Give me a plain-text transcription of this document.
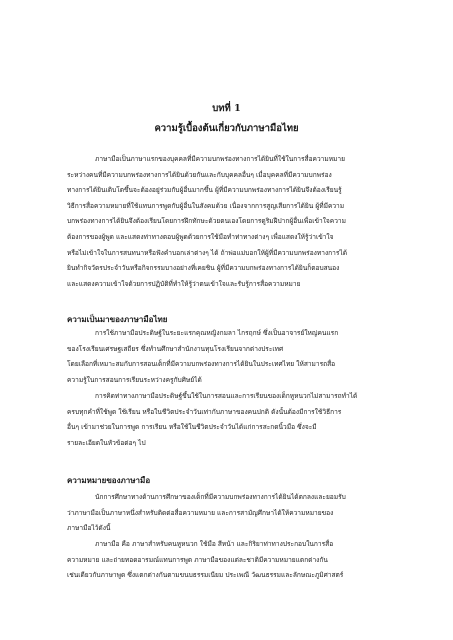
บทที่ 1
ความรู้เบื้องต้นเกี่ยวกับภาษามือไทย
ภาษามือเป็นภาษาแรกของบุคคลที่มีความบกพร่องทางการได้ยินที่ใช้ในการสื่อความหมาย
ระหว่างคนที่มีความบกพร่องทางการได้ยินด้วยกันและกับบุคคลอื่นๆ เมื่อบุคคลที่มีความบกพร่อง
ทางการได้ยินเติบโตขึ้นจะต้องอยู่ร่วมกับผู้อื่นมากขึ้น ผู้ที่มีความบกพร่องทางการได้ยินจึงต้องเรียนรู้
วิธีการสื่อความหมายที่ใช้แทนการพูดกับผู้อื่นในสังคมด้วย เนื่องจากการสูญเสียการได้ยิน ผู้ที่มีความ
บกพร่องทางการได้ยินจึงต้องเรียนโดยการฝึกทักษะด้วยตนเองโดยการดูริมฝีปากผู้อื่นเพื่อเข้าใจความ
ต้องการของผู้พูด และแสดงท่าทางตอบผู้พูดด้วยการใช้มือทำท่าทางต่างๆ เพื่อแสดงให้รู้ว่าเข้าใจ
หรือไม่เข้าใจในการสนทนาหรือฟังคำบอกเล่าต่างๆ ได้ ถ้าพ่อแม่บอกให้ผู้ที่มีความบกพร่องทางการได้
ยินทำกิจวัตรประจำวันหรือกิจกรรมบางอย่างที่เคยชิน ผู้ที่มีความบกพร่องทางการได้ยินก็ตอบสนอง
และแสดงความเข้าใจด้วยการปฏิบัติที่ทำให้รู้ว่าตนเข้าใจและรับรู้การสื่อความหมาย
ความเป็นมาของภาษามือไทย
การใช้ภาษามือประดิษฐ์ในระยะแรกคุณหญิงกมลา ไกรฤกษ์ ซึ่งเป็นอาจารย์ใหญ่คนแรก
ของโรงเรียนเศรษฐเสถียร ซึ่งทำนศึกษาสำนักงานทุนโรงเรียนจากต่างประเทศ
โดยเลือกที่เหมาะสมกับการสอนเด็กที่มีความบกพร่องทางการได้ยินในประเทศไทย ให้สามารถสื่อ
ความรู้ในการสอนการเรียนระหว่างครูกับศิษย์ได้
การคิดท่าทางภาษามือประดิษฐ์ขึ้นใช้ในการสอนและการเรียนของเด็กหูหนวกไม่สามารถทำได้
ครบทุกคำที่ใช้พูด ใช้เรียน หรือในชีวิตประจำวันเท่ากับภาษาของคนปกติ ดังนั้นต้องมีการใช้วิธีการ
อื่นๆ เข้ามาช่วยในการพูด การเรียน หรือใช้ในชีวิตประจำวันได้แก่การสะกดนิ้วมือ ซึ่งจะมี
รายละเอียดในหัวข้อต่อๆ ไป
ความหมายของภาษามือ
นักการศึกษาทางด้านการศึกษาของเด็กที่มีความบกพร่องทางการได้ยินได้ตกลงและยอมรับ
ว่าภาษามือเป็นภาษาหนึ่งสำหรับติดต่อสื่อความหมาย และการสามัญศึกษาได้ให้ความหมายของ
ภาษามือไว้ดังนี้
ภาษามือ คือ ภาษาสำหรับคนหูหนวก ใช้มือ สีหน้า และกิริยาท่าทางประกอบในการสื่อ
ความหมาย และถ่ายทอดอารมณ์แทนการพูด ภาษามือของแต่ละชาติมีความหมายแตกต่างกัน
เช่นเดียวกับภาษาพูด ซึ่งแตกต่างกันตามขนบธรรมเนียม ประเพณี วัฒนธรรมและลักษณะภูมิศาสตร์
